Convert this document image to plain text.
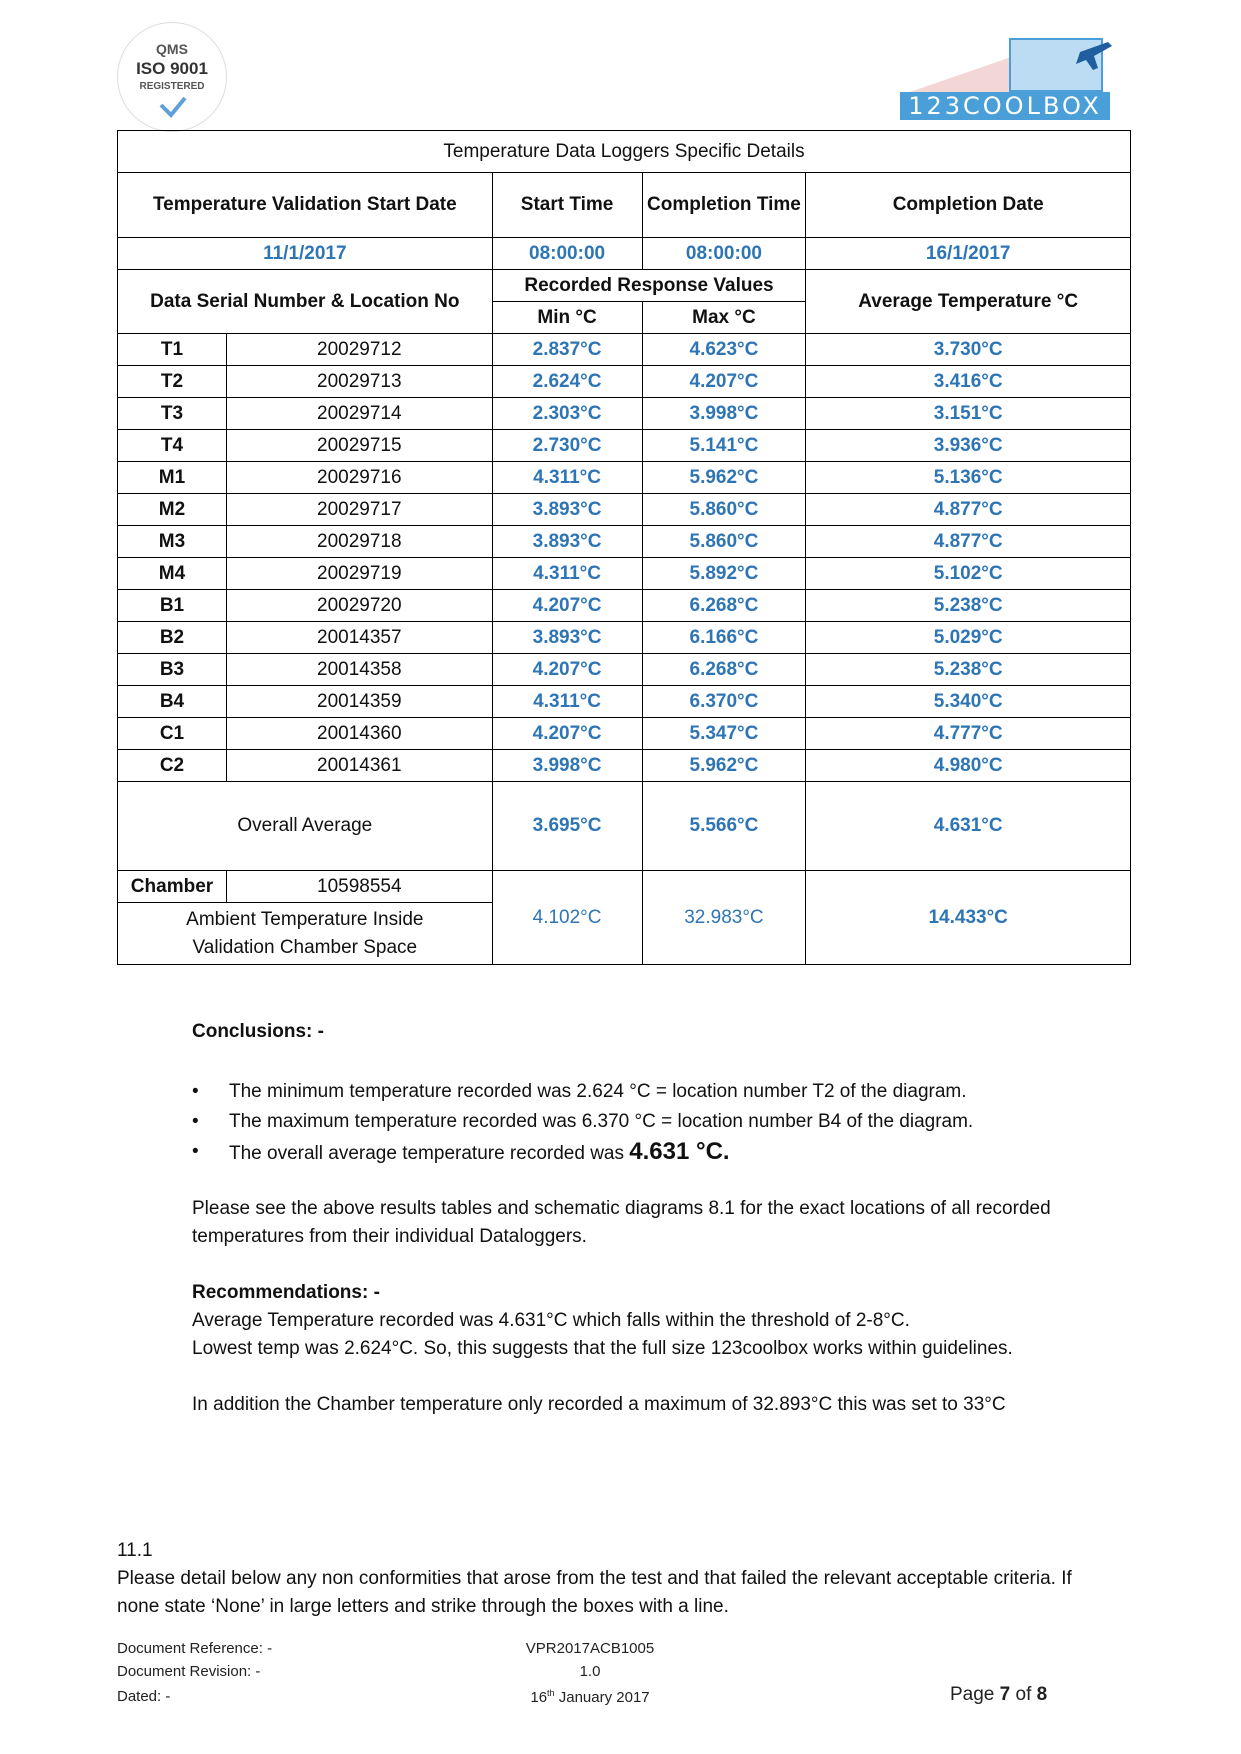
QMS
ISO 9001
REGISTERED
123COOLBOX
Temperature Data Loggers Specific Details				
Temperature Validation Start Date		Start Time	Completion Time	Completion Date
11/1/2017		08:00:00	08:00:00	16/1/2017
Data Serial Number & Location No		Recorded Response Values		Average Temperature °C
		Min °C	Max °C	
T1	20029712	2.837°C	4.623°C	3.730°C
T2	20029713	2.624°C	4.207°C	3.416°C
T3	20029714	2.303°C	3.998°C	3.151°C
T4	20029715	2.730°C	5.141°C	3.936°C
M1	20029716	4.311°C	5.962°C	5.136°C
M2	20029717	3.893°C	5.860°C	4.877°C
M3	20029718	3.893°C	5.860°C	4.877°C
M4	20029719	4.311°C	5.892°C	5.102°C
B1	20029720	4.207°C	6.268°C	5.238°C
B2	20014357	3.893°C	6.166°C	5.029°C
B3	20014358	4.207°C	6.268°C	5.238°C
B4	20014359	4.311°C	6.370°C	5.340°C
C1	20014360	4.207°C	5.347°C	4.777°C
C2	20014361	3.998°C	5.962°C	4.980°C
Overall Average		3.695°C	5.566°C	4.631°C
Chamber	10598554	4.102°C	32.983°C	14.433°C
Ambient Temperature Inside Validation Chamber Space				
Conclusions: -
• The minimum temperature recorded was 2.624 °C = location number T2 of the diagram.
• The maximum temperature recorded was 6.370 °C = location number B4 of the diagram.
• The overall average temperature recorded was 4.631 °C.
Please see the above results tables and schematic diagrams 8.1 for the exact locations of all recorded temperatures from their individual Dataloggers.
Recommendations: -
Average Temperature recorded was 4.631°C which falls within the threshold of 2-8°C.
Lowest temp was 2.624°C. So, this suggests that the full size 123coolbox works within guidelines.
In addition the Chamber temperature only recorded a maximum of 32.893°C this was set to 33°C
11.1
Please detail below any non conformities that arose from the test and that failed the relevant acceptable criteria. If none state ‘None’ in large letters and strike through the boxes with a line.
Document Reference: -
Document Revision: -
Dated: -
VPR2017ACB1005
1.0
16th January 2017	Page 7 of 8
